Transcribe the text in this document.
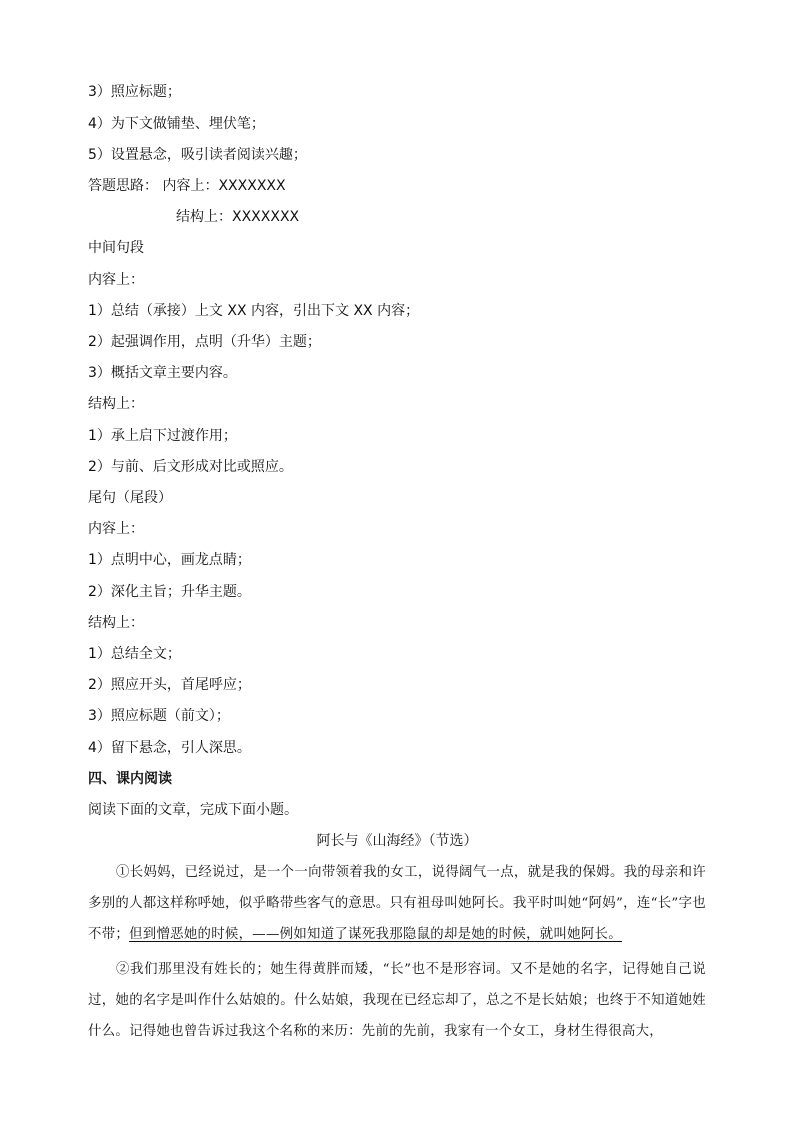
3）照应标题；
4）为下文做铺垫、埋伏笔；
5）设置悬念，吸引读者阅读兴趣；
答题思路： 内容上：XXXXXXX
结构上：XXXXXXX
中间句段
内容上：
1）总结（承接）上文 XX 内容，引出下文 XX 内容；
2）起强调作用，点明（升华）主题；
3）概括文章主要内容。
结构上：
1）承上启下过渡作用；
2）与前、后文形成对比或照应。
尾句（尾段）
内容上：
1）点明中心，画龙点睛；
2）深化主旨；升华主题。
结构上：
1）总结全文；
2）照应开头，首尾呼应；
3）照应标题（前文）；
4）留下悬念，引人深思。
四、课内阅读
阅读下面的文章，完成下面小题。
阿长与《山海经》（节选）

①长妈妈，已经说过，是一个一向带领着我的女工，说得阔气一点，就是我的保姆。我的母亲和许多别的人都这样称呼她，似乎略带些客气的意思。只有祖母叫她阿长。我平时叫她“阿妈”，连“长”字也不带；但到憎恶她的时候，——例如知道了谋死我那隐鼠的却是她的时候，就叫她阿长。

②我们那里没有姓长的；她生得黄胖而矮，“长”也不是形容词。又不是她的名字，记得她自己说过，她的名字是叫作什么姑娘的。什么姑娘，我现在已经忘却了，总之不是长姑娘；也终于不知道她姓什么。记得她也曾告诉过我这个名称的来历：先前的先前，我家有一个女工，身材生得很高大，
